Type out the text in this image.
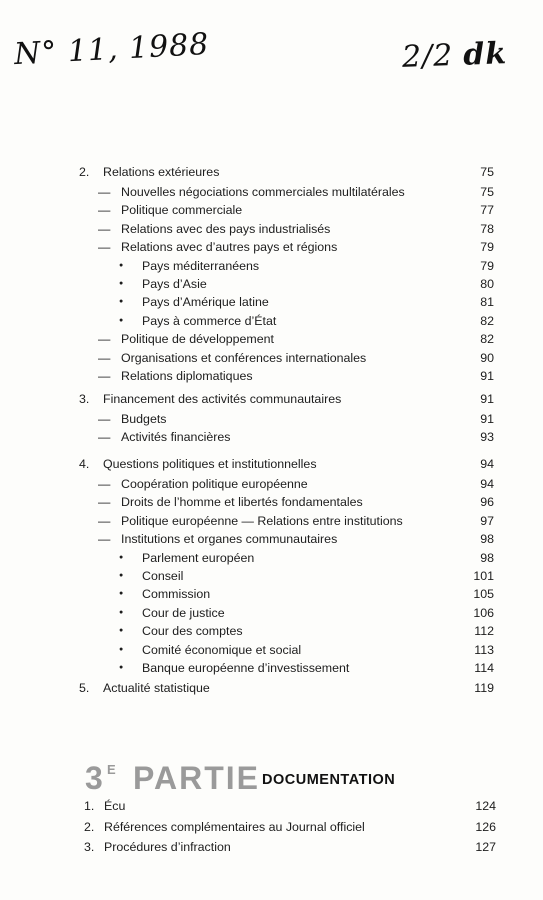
N° 11, 1988	2/2 dk
2. Relations extérieures	75
— Nouvelles négociations commerciales multilatérales	75
— Politique commerciale	77
— Relations avec des pays industrialisés	78
— Relations avec d’autres pays et régions	79
● Pays méditerranéens	79
● Pays d’Asie	80
● Pays d’Amérique latine	81
● Pays à commerce d’État	82
— Politique de développement	82
— Organisations et conférences internationales	90
— Relations diplomatiques	91
3. Financement des activités communautaires	91
— Budgets	91
— Activités financières	93
4. Questions politiques et institutionnelles	94
— Coopération politique européenne	94
— Droits de l’homme et libertés fondamentales	96
— Politique européenne — Relations entre institutions	97
— Institutions et organes communautaires	98
● Parlement européen	98
● Conseil	101
● Commission	105
● Cour de justice	106
● Cour des comptes	112
● Comité économique et social	113
● Banque européenne d’investissement	114
5. Actualité statistique	119
3 E PARTIE DOCUMENTATION
1. Écu	124
2. Références complémentaires au Journal officiel	126
3. Procédures d’infraction	127
